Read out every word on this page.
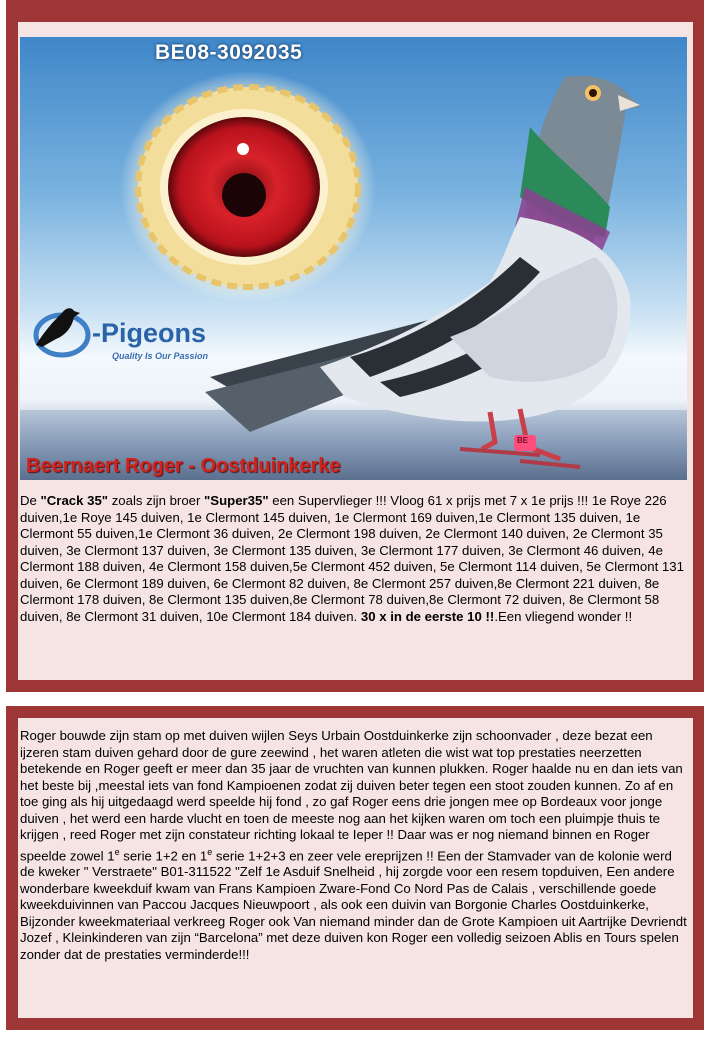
BE
BE08-3092035
-Pigeons
Quality Is Our Passion
Beernaert Roger - Oostduinkerke
De "Crack 35" zoals zijn broer "Super35" een Supervlieger !!! Vloog 61 x prijs met 7 x 1e prijs !!! 1e Roye 226 duiven,1e Roye 145 duiven, 1e Clermont 145 duiven, 1e Clermont 169 duiven,1e Clermont 135 duiven, 1e Clermont 55 duiven,1e Clermont 36 duiven, 2e Clermont 198 duiven, 2e Clermont 140 duiven, 2e Clermont 35 duiven, 3e Clermont 137 duiven, 3e Clermont 135 duiven, 3e Clermont 177 duiven, 3e Clermont 46 duiven, 4e Clermont 188 duiven, 4e Clermont 158 duiven,5e Clermont 452 duiven, 5e Clermont 114 duiven, 5e Clermont 131 duiven, 6e Clermont 189 duiven, 6e Clermont 82 duiven, 8e Clermont 257 duiven,8e Clermont 221 duiven, 8e Clermont 178 duiven, 8e Clermont 135 duiven,8e Clermont 78 duiven,8e Clermont 72 duiven, 8e Clermont 58 duiven, 8e Clermont 31 duiven, 10e Clermont 184 duiven. 30 x in de eerste 10 !!.Een vliegend wonder !!
Roger bouwde zijn stam op met duiven wijlen Seys Urbain Oostduinkerke zijn schoonvader , deze bezat een ijzeren stam duiven gehard door de gure zeewind , het waren atleten die wist wat top prestaties neerzetten betekende en Roger geeft er meer dan 35 jaar de vruchten van kunnen plukken. Roger haalde nu en dan iets van het beste bij ,meestal iets van fond Kampioenen zodat zij duiven beter tegen een stoot zouden kunnen. Zo af en toe ging als hij uitgedaagd werd speelde hij fond , zo gaf Roger eens drie jongen mee op Bordeaux voor jonge duiven , het werd een harde vlucht en toen de meeste nog aan het kijken waren om toch een pluimpje thuis te krijgen , reed Roger met zijn constateur richting lokaal te Ieper !! Daar was er nog niemand binnen en Roger speelde zowel 1e serie 1+2 en 1e serie 1+2+3 en zeer vele ereprijzen !! Een der Stamvader van de kolonie werd de kweker " Verstraete" B01-311522 "Zelf 1e Asduif Snelheid , hij zorgde voor een resem topduiven, Een andere wonderbare kweekduif kwam van Frans Kampioen Zware-Fond Co Nord Pas de Calais , verschillende goede kweekduivinnen van Paccou Jacques Nieuwpoort , als ook een duivin van Borgonie Charles Oostduinkerke, Bijzonder kweekmateriaal verkreeg Roger ook Van niemand minder dan de Grote Kampioen uit Aartrijke Devriendt Jozef , Kleinkinderen van zijn “Barcelona” met deze duiven kon Roger een volledig seizoen Ablis en Tours spelen zonder dat de prestaties verminderde!!!
